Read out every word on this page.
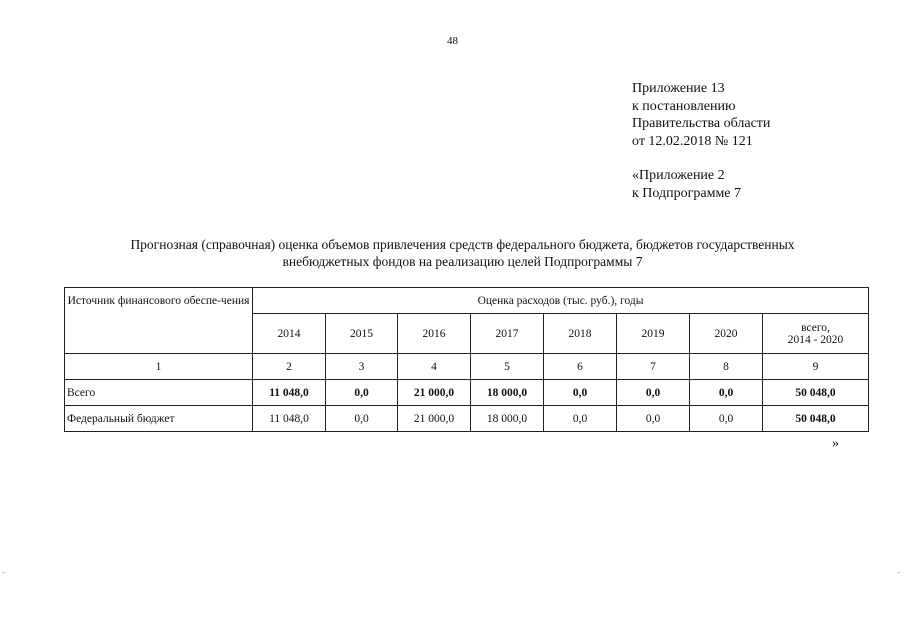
48
Приложение 13
к постановлению
Правительства области
от 12.02.2018 № 121
«Приложение 2
к Подпрограмме 7
Прогнозная (справочная) оценка объемов привлечения средств федерального бюджета, бюджетов государственных
внебюджетных фондов на реализацию целей Подпрограммы 7
Источник финансового обеспе-чения	Оценка расходов (тыс. руб.), годы							
	2014	2015	2016	2017	2018	2019	2020	всего,
2014 - 2020

1	2	3	4	5	6	7	8	9
Всего	11 048,0	0,0	21 000,0	18 000,0	0,0	0,0	0,0	50 048,0
Федеральный бюджет	11 048,0	0,0	21 000,0	18 000,0	0,0	0,0	0,0	50 048,0
»
-	-
